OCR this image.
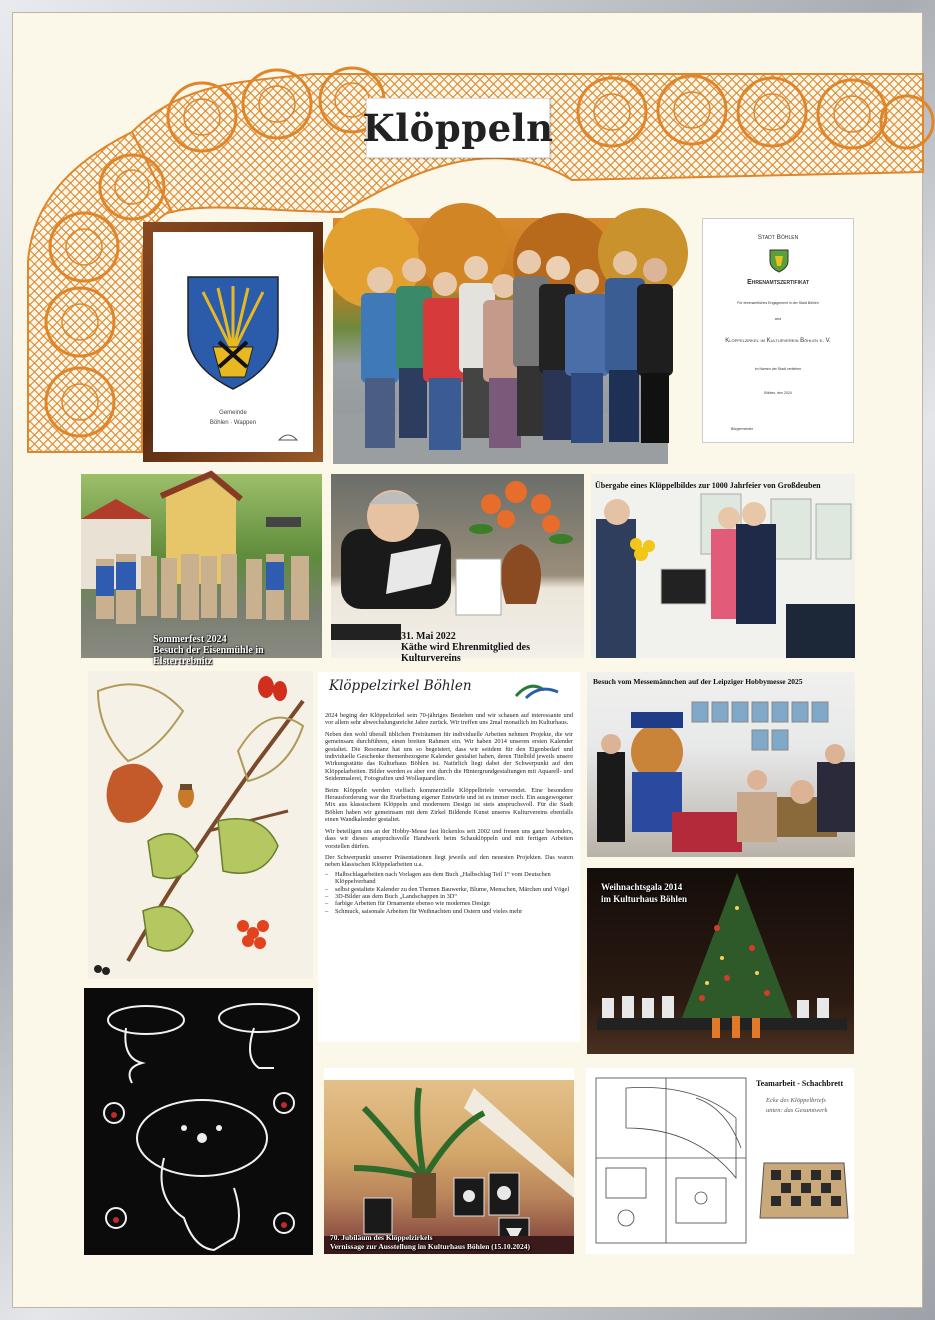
Klöppeln
Gemeinde
Böhlen · Wappen
Stadt Böhlen
Ehrenamtszertifikat
Für ehrenamtliches Engagement in der Stadt Böhlen
wird
Klöppelzirkel im Kulturverein Böhlen e. V.
im Namen der Stadt verliehen
Böhlen, den 2024
Bürgermeister
Sommerfest 2024
Besuch der Eisenmühle in Elstertrebnitz
31. Mai 2022
Käthe wird Ehrenmitglied des Kulturvereins
Übergabe eines Klöppelbildes zur 1000 Jahrfeier von Großdeuben
Klöppelzirkel Böhlen

2024 beging der Klöppelzirkel sein 70-jähriges Bestehen und wir schauen auf interessante und vor allem sehr abwechslungsreiche Jahre zurück. Wir treffen uns 2mal monatlich im Kulturhaus.

Neben den wohl überall üblichen Freiräumen für individuelle Arbeiten nehmen Projekte, die wir gemeinsam durchführen, einen breiten Rahmen ein. Wir haben 2014 unseren ersten Kalender gestaltet. Die Resonanz hat uns so begeistert, dass wir seitdem für den Eigenbedarf und individuelle Geschenke themenbezogene Kalender gestaltet haben, deren Titelbild jeweils unsere Wirkungsstätte das Kulturhaus Böhlen ist. Natürlich liegt dabei der Schwerpunkt auf den Klöppelarbeiten. Bilder werden es aber erst durch die Hintergrundgestaltungen mit Aquarell- und Seidenmalerei, Fotografien und Wollaquarellen.

Beim Klöppeln werden vielfach kommerzielle Klöppelbriefe verwendet. Eine besondere Herausforderung war die Erarbeitung eigener Entwürfe und ist es immer noch. Ein ausgewogener Mix aus klassischem Klöppeln und modernem Design ist stets anspruchsvoll. Für die Stadt Böhlen haben wir gemeinsam mit dem Zirkel Bildende Kunst unseres Kulturvereins ebenfalls einen Wandkalender gestaltet.

Wir beteiligen uns an der Hobby-Messe fast lückenlos seit 2002 und freuen uns ganz besonders, dass wir dieses anspruchsvolle Handwerk beim Schauklöppeln und mit fertigen Arbeiten vorstellen dürfen.

Der Schwerpunkt unserer Präsentationen liegt jeweils auf den neuesten Projekten. Das waren neben klassischen Klöppelarbeiten u.a.

– Halbschlagarbeiten nach Vorlagen aus dem Buch „Halbschlag Teil 1“ vom Deutschen Klöppelverband
– selbst gestaltete Kalender zu den Themen Bauwerke, Blume, Menschen, Märchen und Vögel
– 3D-Bilder aus dem Buch „Landschappen in 3D“
– farbige Arbeiten für Ornamente ebenso wie modernes Design
– Schmuck, saisonale Arbeiten für Weihnachten und Ostern und vieles mehr
Besuch vom Messemännchen auf der Leipziger Hobbymesse 2025
Weihnachtsgala 2014
im Kulturhaus Böhlen
70. Jubiläum des Klöppelzirkels
Vernissage zur Ausstellung im Kulturhaus Böhlen (15.10.2024)
Teamarbeit - Schachbrett
Ecke des Klöppelbriefs
unten: das Gesamtwerk
